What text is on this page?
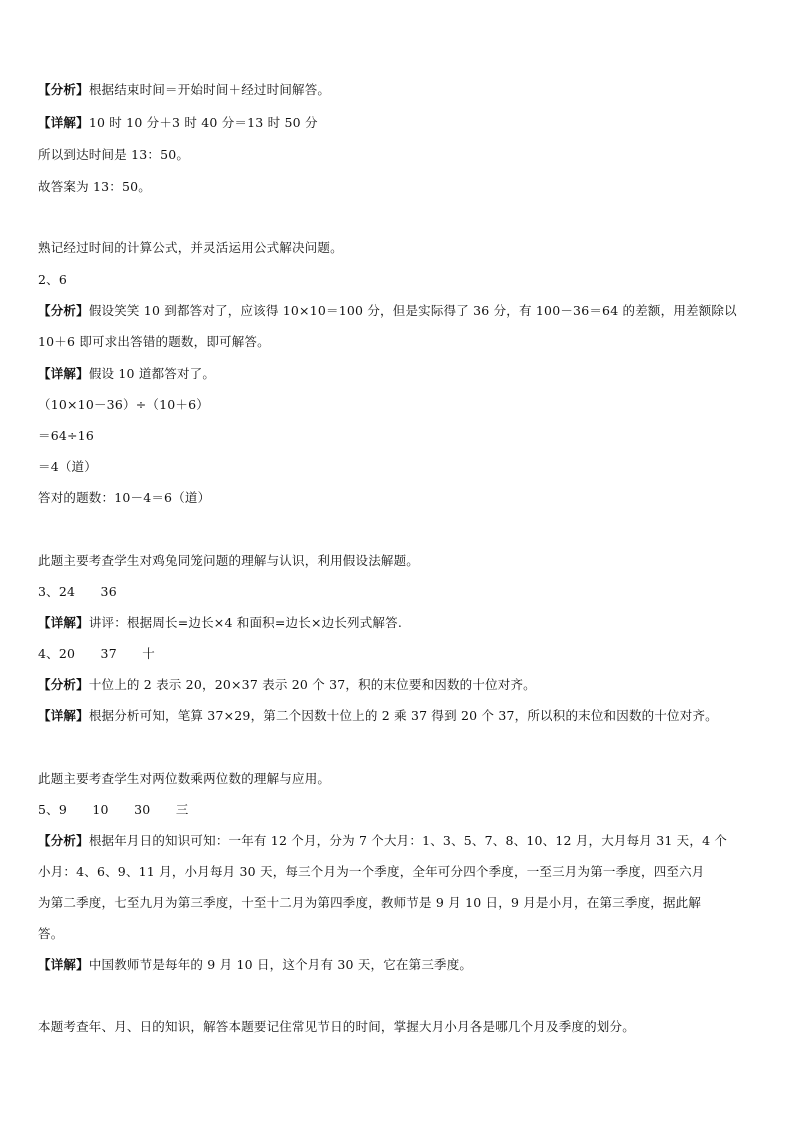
【分析】根据结束时间＝开始时间＋经过时间解答。
【详解】10 时 10 分＋3 时 40 分＝13 时 50 分
所以到达时间是 13：50。
故答案为 13：50。
熟记经过时间的计算公式，并灵活运用公式解决问题。
2、6
【分析】假设笑笑 10 到都答对了，应该得 10×10＝100 分，但是实际得了 36 分，有 100－36＝64 的差额，用差额除以
10＋6 即可求出答错的题数，即可解答。
【详解】假设 10 道都答对了。
（10×10－36）÷（10＋6）
＝64÷16
＝4（道）
答对的题数：10－4＝6（道）
此题主要考查学生对鸡兔同笼问题的理解与认识，利用假设法解题。
3、24　　36
【详解】讲评：根据周长=边长×4 和面积=边长×边长列式解答.
4、20　　37　　十
【分析】十位上的 2 表示 20，20×37 表示 20 个 37，积的末位要和因数的十位对齐。
【详解】根据分析可知，笔算 37×29，第二个因数十位上的 2 乘 37 得到 20 个 37，所以积的末位和因数的十位对齐。
此题主要考查学生对两位数乘两位数的理解与应用。
5、9　　10　　30　　三
【分析】根据年月日的知识可知：一年有 12 个月，分为 7 个大月：1、3、5、7、8、10、12 月，大月每月 31 天，4 个
小月：4、6、9、11 月，小月每月 30 天，每三个月为一个季度，全年可分四个季度，一至三月为第一季度，四至六月
为第二季度，七至九月为第三季度，十至十二月为第四季度，教师节是 9 月 10 日，9 月是小月，在第三季度，据此解
答。
【详解】中国教师节是每年的 9 月 10 日，这个月有 30 天，它在第三季度。
本题考查年、月、日的知识，解答本题要记住常见节日的时间，掌握大月小月各是哪几个月及季度的划分。
